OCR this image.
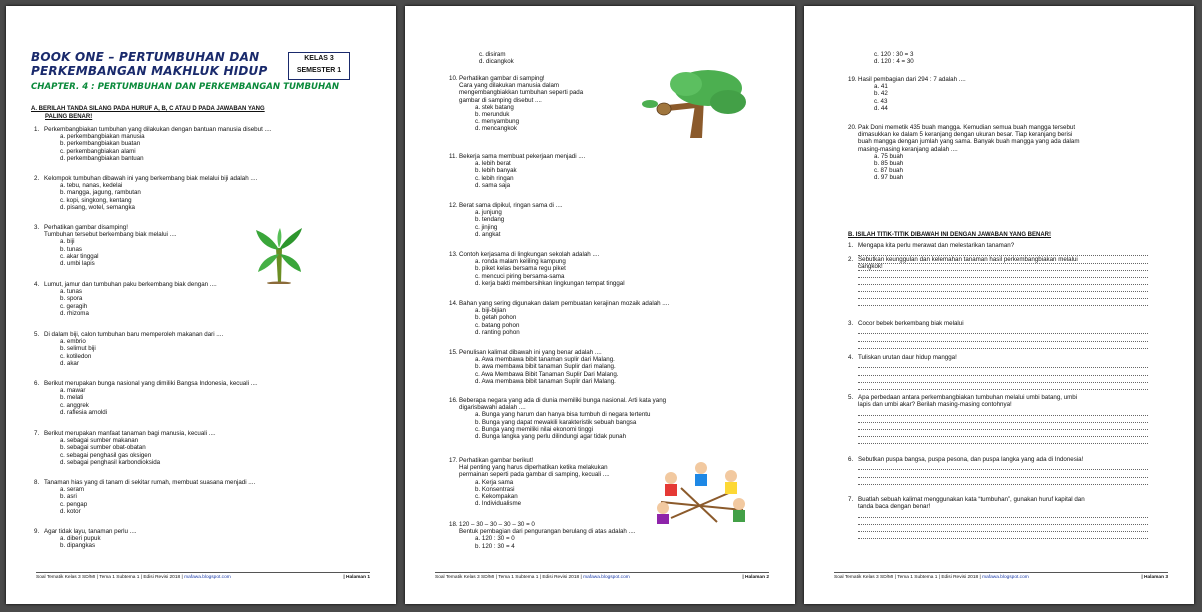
BOOK ONE – PERTUMBUHAN DAN
PERKEMBANGAN MAKHLUK HIDUP
KELAS 3
SEMESTER 1
CHAPTER. 4 : PERTUMBUHAN DAN PERKEMBANGAN TUMBUHAN
A. BERILAH TANDA SILANG PADA HURUF A, B, C ATAU D PADA JAWABAN YANG
PALING BENAR!
1. Perkembangbiakan tumbuhan yang dilakukan dengan bantuan manusia disebut ....
a. perkembangbiakan manusia
b. perkembangbiakan buatan
c. perkembangbiakan alami
d. perkembangbiakan bantuan
2. Kelompok tumbuhan dibawah ini yang berkembang biak melalui biji adalah ....
a. tebu, nanas, kedelai
b. mangga, jagung, rambutan
c. kopi, singkong, kentang
d. pisang, wotel, semangka
3. Perhatikan gambar disamping!
Tumbuhan tersebut berkembang biak melalui ....
a. biji
b. tunas
c. akar tinggal
d. umbi lapis
4. Lumut, jamur dan tumbuhan paku berkembang biak dengan ....
a. tunas
b. spora
c. geragih
d. rhizoma
5. Di dalam biji, calon tumbuhan baru memperoleh makanan dari ....
a. embrio
b. selimut biji
c. kotiledon
d. akar
6. Berikut merupakan bunga nasional yang dimiliki Bangsa Indonesia, kecuali ....
a. mawar
b. melati
c. anggrek
d. raflesia arnoldi
7. Berikut merupakan manfaat tanaman bagi manusia, kecuali ....
a. sebagai sumber makanan
b. sebagai sumber obat-obatan
c. sebagai penghasil gas oksigen
d. sebagai penghasil karbondioksida
8. Tanaman hias yang di tanam di sekitar rumah, membuat suasana menjadi ....
a. seram
b. asri
c. pengap
d. kotor
9. Agar tidak layu, tanaman perlu ....
a. diberi pupuk
b. dipangkas
Soal Tematik Kelas 3 SD/MI | Tema 1 Subtema 1 | Edisi Revisi 2018 | mafawa.blogspot.com	| Halaman 1
c. disiram
d. dicangkok
10. Perhatikan gambar di samping!
Cara yang dilakukan manusia dalam
mengembangbiakkan tumbuhan seperti pada
gambar di samping disebut ....
a. stek batang
b. merunduk
c. menyambung
d. mencangkok
11. Bekerja sama membuat pekerjaan menjadi ....
a. lebih berat
b. lebih banyak
c. lebih ringan
d. sama saja
12. Berat sama dipikul, ringan sama di ....
a. junjung
b. tendang
c. jinjing
d. angkat
13. Contoh kerjasama di lingkungan sekolah adalah ....
a. ronda malam keliling kampung
b. piket kelas bersama regu piket
c. mencuci piring bersama-sama
d. kerja bakti membersihkan lingkungan tempat tinggal
14. Bahan yang sering digunakan dalam pembuatan kerajinan mozaik adalah ....
a. biji-bijian
b. getah pohon
c. batang pohon
d. ranting pohon
15. Penulisan kalimat dibawah ini yang benar adalah ....
a. Awa membawa bibit tanaman suplir dari Malang.
b. awa membawa bibit tanaman Suplir dari malang.
c. Awa Membawa Bibit Tanaman Suplir Dari Malang.
d. Awa membawa bibit tanaman Suplir dari Malang.
16. Beberapa negara yang ada di dunia memiliki bunga nasional. Arti kata yang
digarisbawahi adalah ....
a. Bunga yang harum dan hanya bisa tumbuh di negara tertentu
b. Bunga yang dapat mewakili karakteristik sebuah bangsa
c. Bunga yang memiliki nilai ekonomi tinggi
d. Bunga langka yang perlu dilindungi agar tidak punah
17. Perhatikan gambar berikut!
Hal penting yang harus diperhatikan ketika melakukan
permainan seperti pada gambar di samping, kecuali ....
a. Kerja sama
b. Konsentrasi
c. Kekompakan
d. Individualisme
18. 120 – 30 – 30 – 30 – 30 = 0
Bentuk pembagian dari pengurangan berulang di atas adalah ....
a. 120 : 30 = 0
b. 120 : 30 = 4
Soal Tematik Kelas 3 SD/MI | Tema 1 Subtema 1 | Edisi Revisi 2018 | mafawa.blogspot.com	| Halaman 2
c. 120 : 30 = 3
d. 120 : 4 = 30
19. Hasil pembagian dari 294 : 7 adalah ....
a. 41
b. 42
c. 43
d. 44
20. Pak Doni memetik 435 buah mangga. Kemudian semua buah mangga tersebut
dimasukkan ke dalam 5 keranjang dengan ukuran besar. Tiap keranjang berisi
buah mangga dengan jumlah yang sama. Banyak buah mangga yang ada dalam
masing-masing keranjang adalah ....
a. 75 buah
b. 85 buah
c. 87 buah
d. 97 buah
B. ISILAH TITIK-TITIK DIBAWAH INI DENGAN JAWABAN YANG BENAR!
1. Mengapa kita perlu merawat dan melestarikan tanaman?
2. Sebutkan keunggulan dan kelemahan tanaman hasil perkembangbiakan melalui
cangkok!
3. Cocor bebek berkembang biak melalui
4. Tuliskan urutan daur hidup mangga!
5. Apa perbedaan antara perkembangbiakan tumbuhan melalui umbi batang, umbi
lapis dan umbi akar? Berilah masing-masing contohnya!
6. Sebutkan puspa bangsa, puspa pesona, dan puspa langka yang ada di Indonesia!
7. Buatlah sebuah kalimat menggunakan kata “tumbuhan”, gunakan huruf kapital dan
tanda baca dengan benar!
Soal Tematik Kelas 3 SD/MI | Tema 1 Subtema 1 | Edisi Revisi 2018 | mafawa.blogspot.com	| Halaman 3
